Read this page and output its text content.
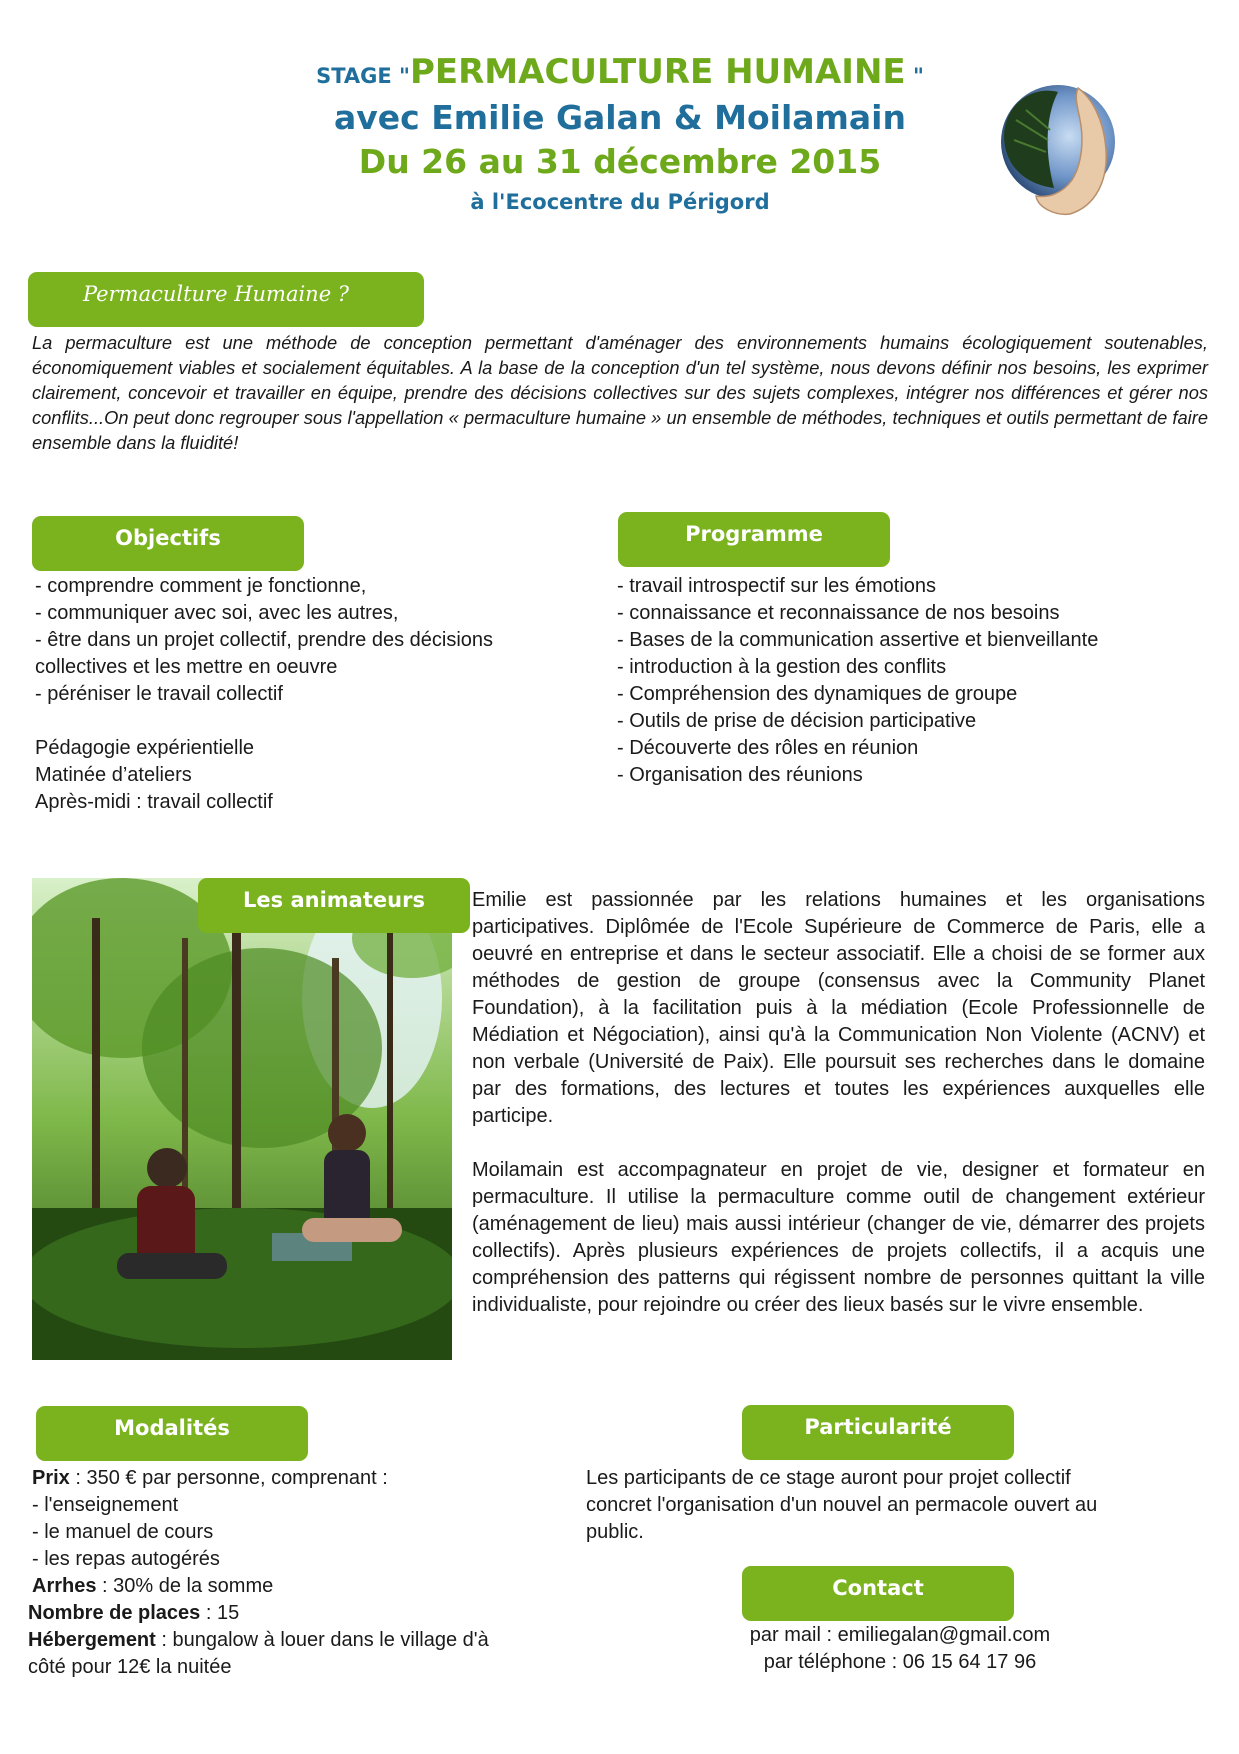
STAGE "PERMACULTURE HUMAINE "
avec Emilie Galan & Moilamain
Du 26 au 31 décembre 2015
à l'Ecocentre du Périgord
Permaculture Humaine ?
La permaculture est une méthode de conception permettant d'aménager des environnements humains écologiquement soutenables, économiquement viables et socialement équitables. A la base de la conception d'un tel système, nous devons définir nos besoins, les exprimer clairement, concevoir et travailler en équipe, prendre des décisions collectives sur des sujets complexes, intégrer nos différences et gérer nos conflits...On peut donc regrouper sous l'appellation « permaculture humaine » un ensemble de méthodes, techniques et outils permettant de faire ensemble dans la fluidité!
Objectifs
- comprendre comment je fonctionne,
- communiquer avec soi, avec les autres,
- être dans un projet collectif, prendre des décisions
collectives et les mettre en oeuvre
- péréniser le travail collectif
Pédagogie expérientielle
Matinée d’ateliers
Après-midi : travail collectif
Programme
- travail introspectif sur les émotions
- connaissance et reconnaissance de nos besoins
- Bases de la communication assertive et bienveillante
- introduction à la gestion des conflits
- Compréhension des dynamiques de groupe
- Outils de prise de décision participative
- Découverte des rôles en réunion
- Organisation des réunions
Les animateurs	Emilie est passionnée par les relations humaines et les organisations participatives. Diplômée de l'Ecole Supérieure de Commerce de Paris, elle a oeuvré en entreprise et dans le secteur associatif. Elle a choisi de se former aux méthodes de gestion de groupe (consensus avec la Community Planet Foundation), à la facilitation puis à la médiation (Ecole Professionnelle de Médiation et Négociation), ainsi qu'à la Communication Non Violente (ACNV) et non verbale (Université de Paix). Elle poursuit ses recherches dans le domaine par des formations, des lectures et toutes les expériences auxquelles elle participe.

Moilamain est accompagnateur en projet de vie, designer et formateur en permaculture. Il utilise la permaculture comme outil de changement extérieur (aménagement de lieu) mais aussi intérieur (changer de vie, démarrer des projets collectifs). Après plusieurs expériences de projets collectifs, il a acquis une compréhension des patterns qui régissent nombre de personnes quittant la ville individualiste, pour rejoindre ou créer des lieux basés sur le vivre ensemble.

Modalités
Prix : 350 € par personne, comprenant :
- l'enseignement
- le manuel de cours
- les repas autogérés
Arrhes : 30% de la somme
Nombre de places : 15
Hébergement : bungalow à louer dans le village d'à
côté pour 12€ la nuitée
Particularité
Les participants de ce stage auront pour projet collectif
concret l'organisation d'un nouvel an permacole ouvert au
public.
Contact
par mail : emiliegalan@gmail.com
par téléphone : 06 15 64 17 96
